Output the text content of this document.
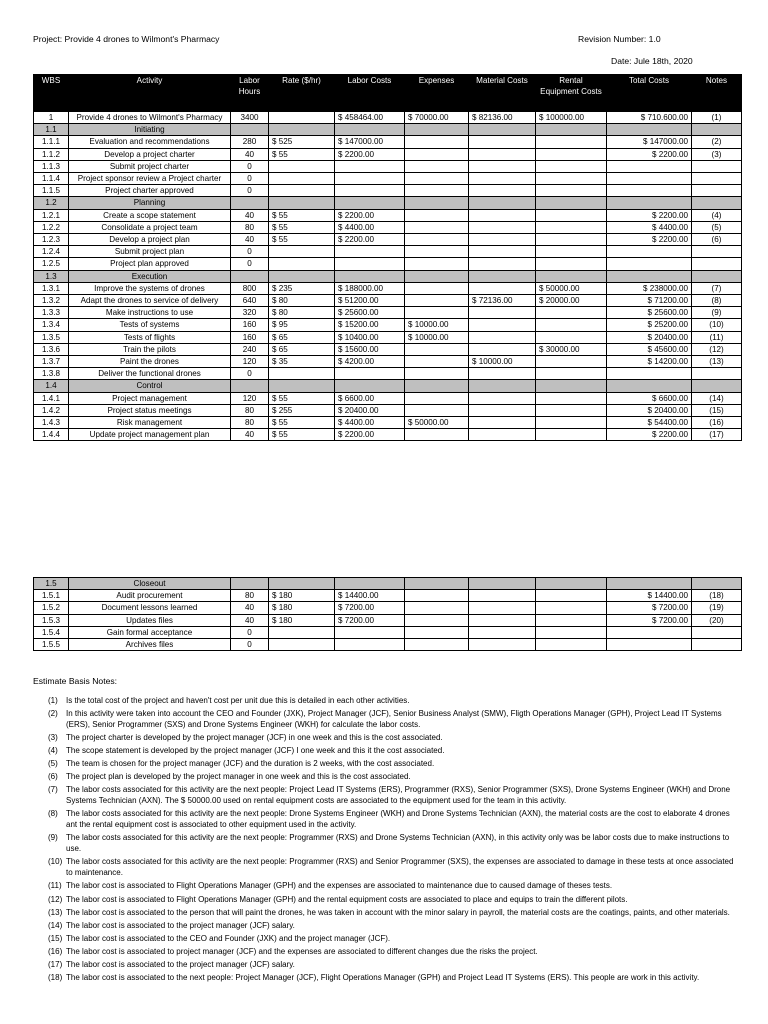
Project: Provide 4 drones to Wilmont's Pharmacy	Revision Number: 1.0
Date: Jule 18th, 2020
WBS	Activity	Labor Hours	Rate ($/hr)	Labor Costs	Expenses	Material Costs	Rental Equipment Costs	Total Costs	Notes
1	Provide 4 drones to Wilmont's Pharmacy	3400		$ 458464.00	$ 70000.00	$ 82136.00	$ 100000.00	$ 710.600.00	(1)
1.1	Initiating								
1.1.1	Evaluation and recommendations	280	$ 525	$ 147000.00				$ 147000.00	(2)
1.1.2	Develop a project charter	40	$ 55	$ 2200.00				$ 2200.00	(3)
1.1.3	Submit project charter	0							
1.1.4	Project sponsor review a Project charter	0							
1.1.5	Project charter approved	0							
1.2	Planning								
1.2.1	Create a scope statement	40	$ 55	$ 2200.00				$ 2200.00	(4)
1.2.2	Consolidate a project team	80	$ 55	$ 4400.00				$ 4400.00	(5)
1.2.3	Develop a project plan	40	$ 55	$ 2200.00				$ 2200.00	(6)
1.2.4	Submit project plan	0							
1.2.5	Project plan approved	0							
1.3	Execution								
1.3.1	Improve the systems of drones	800	$ 235	$ 188000.00			$ 50000.00	$ 238000.00	(7)
1.3.2	Adapt the drones to service of delivery	640	$ 80	$ 51200.00		$ 72136.00	$ 20000.00	$ 71200.00	(8)
1.3.3	Make instructions to use	320	$ 80	$ 25600.00				$ 25600.00	(9)
1.3.4	Tests of systems	160	$ 95	$ 15200.00	$ 10000.00			$ 25200.00	(10)
1.3.5	Tests of flights	160	$ 65	$ 10400.00	$ 10000.00			$ 20400.00	(11)
1.3.6	Train the pilots	240	$ 65	$ 15600.00			$ 30000.00	$ 45600.00	(12)
1.3.7	Paint the drones	120	$ 35	$ 4200.00		$ 10000.00		$ 14200.00	(13)
1.3.8	Deliver the functional drones	0							
1.4	Control								
1.4.1	Project management	120	$ 55	$ 6600.00				$ 6600.00	(14)
1.4.2	Project status meetings	80	$ 255	$ 20400.00				$ 20400.00	(15)
1.4.3	Risk management	80	$ 55	$ 4400.00	$ 50000.00			$ 54400.00	(16)
1.4.4	Update project management plan	40	$ 55	$ 2200.00				$ 2200.00	(17)
1.5	Closeout								
1.5.1	Audit procurement	80	$ 180	$ 14400.00				$ 14400.00	(18)
1.5.2	Document lessons learned	40	$ 180	$ 7200.00				$ 7200.00	(19)
1.5.3	Updates files	40	$ 180	$ 7200.00				$ 7200.00	(20)
1.5.4	Gain formal acceptance	0							
1.5.5	Archives files	0							
Estimate Basis Notes:
(1) Is the total cost of the project and haven't cost per unit due this is detailed in each other activities.
(2) In this activity were taken into account the CEO and Founder (JXK), Project Manager (JCF), Senior Business Analyst (SMW), Fligth Operations Manager (GPH), Project Lead IT Systems (ERS), Senior Programmer (SXS) and Drone Systems Engineer (WKH) for calculate the labor costs.
(3) The project charter is developed by the project manager (JCF) in one week and this is the cost associated.
(4) The scope statement is developed by the project manager (JCF) I one week and this it the cost associated.
(5) The team is chosen for the project manager (JCF) and the duration is 2 weeks, with the cost associated.
(6) The project plan is developed by the project manager in one week and this is the cost associated.
(7) The labor costs associated for this activity are the next people: Project Lead IT Systems (ERS), Programmer (RXS), Senior Programmer (SXS), Drone Systems Engineer (WKH) and Drone Systems Technician (AXN). The $ 50000.00 used on rental equipment costs are associated to the equipment used for the team in this activity.
(8) The labor costs associated for this activity are the next people: Drone Systems Engineer (WKH) and Drone Systems Technician (AXN), the material costs are the cost to elaborate 4 drones ant the rental equipment cost is associated to other equipment used in the activity.
(9) The labor costs associated for this activity are the next people: Programmer (RXS) and Drone Systems Technician (AXN), in this activity only was be labor costs due to make instructions to use.
(10) The labor costs associated for this activity are the next people: Programmer (RXS) and Senior Programmer (SXS), the expenses are associated to damage in these tests at once associated to maintenance.
(11) The labor cost is associated to Flight Operations Manager (GPH) and the expenses are associated to maintenance due to caused damage of theses tests.
(12) The labor cost is associated to Flight Operations Manager (GPH) and the rental equipment costs are associated to place and equips to train the different pilots.
(13) The labor cost is associated to the person that will paint the drones, he was taken in account with the minor salary in payroll, the material costs are the coatings, paints, and other materials.
(14) The labor cost is associated to the project manager (JCF) salary.
(15) The labor cost is associated to the CEO and Founder (JXK) and the project manager (JCF).
(16) The labor cost is associated to project manager (JCF) and the expenses are associated to different changes due the risks the project.
(17) The labor cost is associated to the project manager (JCF) salary.
(18) The labor cost is associated to the next people: Project Manager (JCF), Flight Operations Manager (GPH) and Project Lead IT Systems (ERS). This people are work in this activity.
